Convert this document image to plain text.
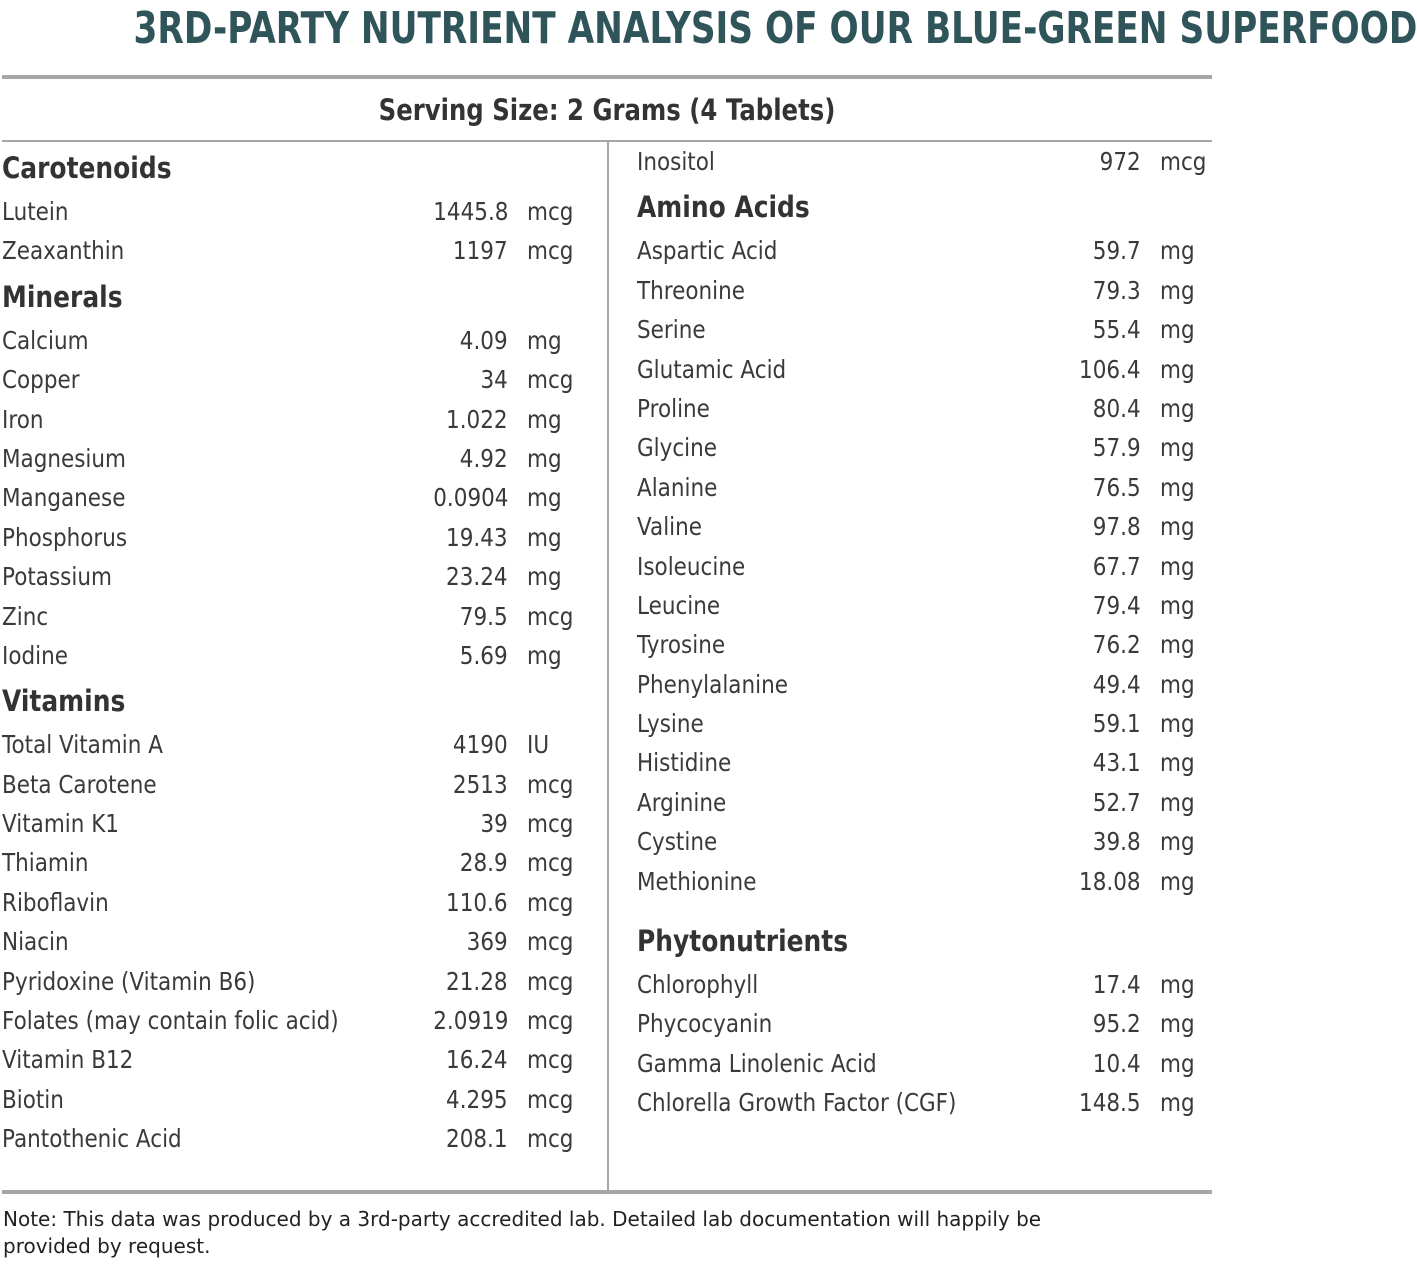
3RD-PARTY NUTRIENT ANALYSIS OF OUR BLUE-GREEN SUPERFOOD
Serving Size: 2 Grams (4 Tablets)
Carotenoids
Lutein	1445.8 mcg
Zeaxanthin	1197 mcg
Minerals
Calcium	4.09 mg
Copper	34 mcg
Iron	1.022 mg
Magnesium	4.92 mg
Manganese	0.0904 mg
Phosphorus	19.43 mg
Potassium	23.24 mg
Zinc	79.5 mcg
Iodine	5.69 mg
Vitamins
Total Vitamin A	4190 IU
Beta Carotene	2513 mcg
Vitamin K1	39 mcg
Thiamin	28.9 mcg
Riboflavin	110.6 mcg
Niacin	369 mcg
Pyridoxine (Vitamin B6)	21.28 mcg
Folates (may contain folic acid)	2.0919 mcg
Vitamin B12	16.24 mcg
Biotin	4.295 mcg
Pantothenic Acid	208.1 mcg
Inositol	972 mcg
Amino Acids
Aspartic Acid	59.7 mg
Threonine	79.3 mg
Serine	55.4 mg
Glutamic Acid	106.4 mg
Proline	80.4 mg
Glycine	57.9 mg
Alanine	76.5 mg
Valine	97.8 mg
Isoleucine	67.7 mg
Leucine	79.4 mg
Tyrosine	76.2 mg
Phenylalanine	49.4 mg
Lysine	59.1 mg
Histidine	43.1 mg
Arginine	52.7 mg
Cystine	39.8 mg
Methionine	18.08 mg
Phytonutrients
Chlorophyll	17.4 mg
Phycocyanin	95.2 mg
Gamma Linolenic Acid	10.4 mg
Chlorella Growth Factor (CGF)	148.5 mg
Note: This data was produced by a 3rd-party accredited lab. Detailed lab documentation will happily be provided by request.
